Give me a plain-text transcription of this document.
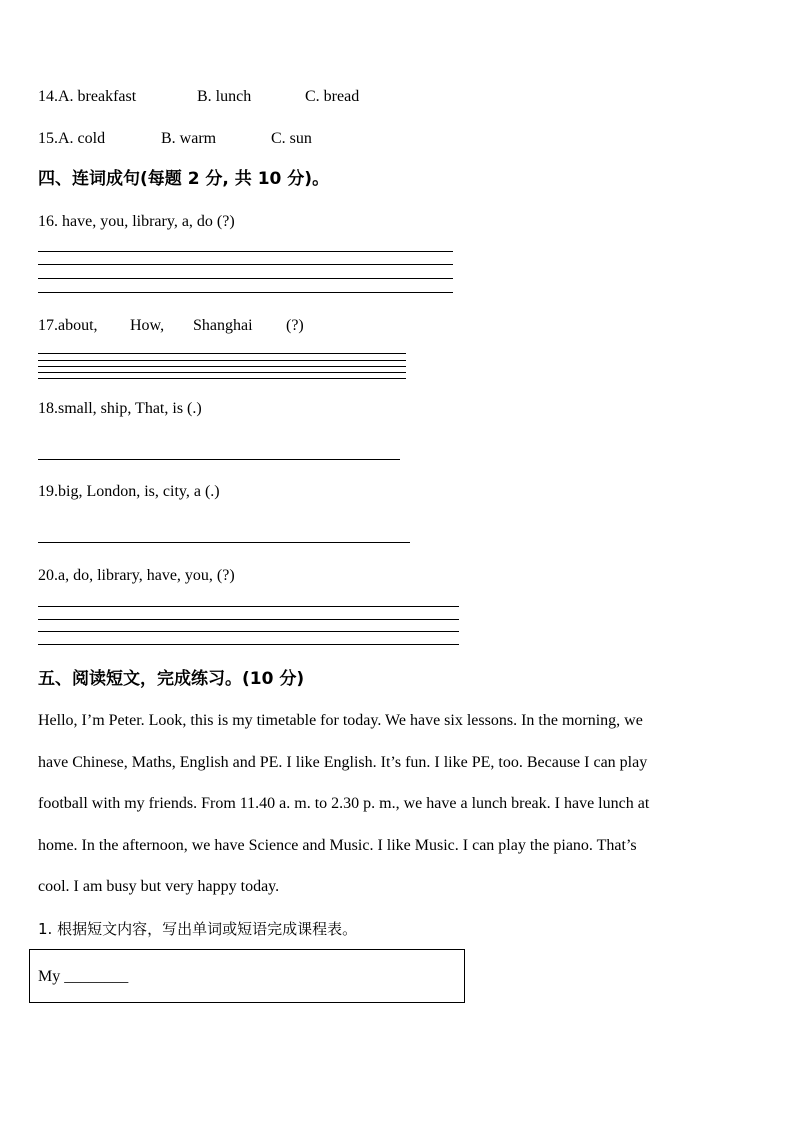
14.A. breakfast	B. lunch	C. bread
15.A. cold	B. warm	C. sun
四、连词成句(每题 2 分, 共 10 分)。
16. have, you, library, a, do (?)
17.about, How, Shanghai (?)
18.small, ship, That, is (.)
19.big, London, is, city, a (.)
20.a, do, library, have, you, (?)
五、阅读短文，完成练习。(10 分)
Hello, I’m Peter. Look, this is my timetable for today. We have six lessons. In the morning, we
have Chinese, Maths, English and PE. I like English. It’s fun. I like PE, too. Because I can play
football with my friends. From 11.40 a. m. to 2.30 p. m., we have a lunch break. I have lunch at
home. In the afternoon, we have Science and Music. I like Music. I can play the piano. That’s
cool. I am busy but very happy today.
1. 根据短文内容，写出单词或短语完成课程表。
My ________
